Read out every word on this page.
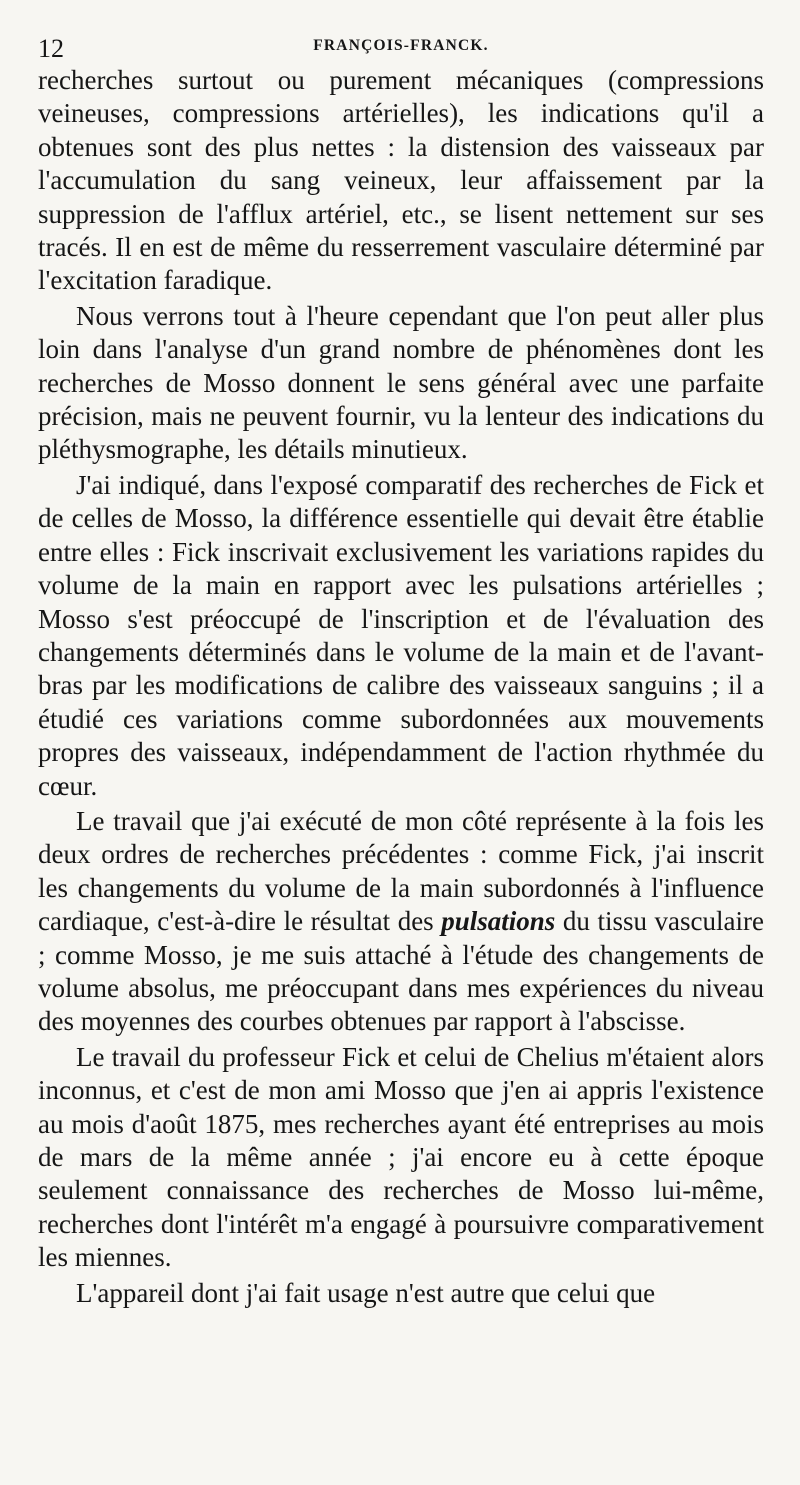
12	FRANÇOIS-FRANCK.

recherches surtout ou purement mécaniques (compressions veineuses, compressions artérielles), les indications qu'il a obtenues sont des plus nettes : la distension des vaisseaux par l'accumulation du sang veineux, leur affaissement par la suppression de l'afflux artériel, etc., se lisent nettement sur ses tracés. Il en est de même du resserrement vasculaire déterminé par l'excitation faradique.

Nous verrons tout à l'heure cependant que l'on peut aller plus loin dans l'analyse d'un grand nombre de phénomènes dont les recherches de Mosso donnent le sens général avec une parfaite précision, mais ne peuvent fournir, vu la lenteur des indications du pléthysmographe, les détails minutieux.

J'ai indiqué, dans l'exposé comparatif des recherches de Fick et de celles de Mosso, la différence essentielle qui devait être établie entre elles : Fick inscrivait exclusivement les variations rapides du volume de la main en rapport avec les pulsations artérielles ; Mosso s'est préoccupé de l'inscription et de l'évaluation des changements déterminés dans le volume de la main et de l'avant-bras par les modifications de calibre des vaisseaux sanguins ; il a étudié ces variations comme subordonnées aux mouvements propres des vaisseaux, indépendamment de l'action rhythmée du cœur.

Le travail que j'ai exécuté de mon côté représente à la fois les deux ordres de recherches précédentes : comme Fick, j'ai inscrit les changements du volume de la main subordonnés à l'influence cardiaque, c'est-à-dire le résultat des pulsations du tissu vasculaire ; comme Mosso, je me suis attaché à l'étude des changements de volume absolus, me préoccupant dans mes expériences du niveau des moyennes des courbes obtenues par rapport à l'abscisse.

Le travail du professeur Fick et celui de Chelius m'étaient alors inconnus, et c'est de mon ami Mosso que j'en ai appris l'existence au mois d'août 1875, mes recherches ayant été entreprises au mois de mars de la même année ; j'ai encore eu à cette époque seulement connaissance des recherches de Mosso lui-même, recherches dont l'intérêt m'a engagé à poursuivre comparativement les miennes.

L'appareil dont j'ai fait usage n'est autre que celui que
